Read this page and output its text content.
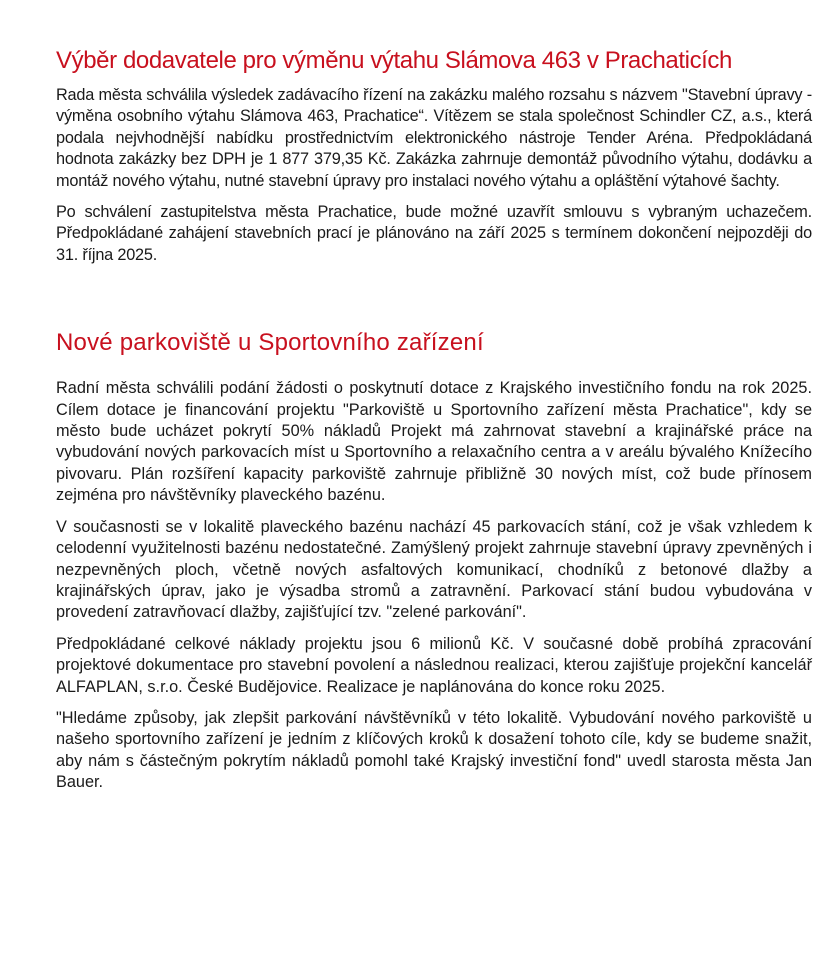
Výběr dodavatele pro výměnu výtahu Slámova 463 v Prachaticích

Rada města schválila výsledek zadávacího řízení na zakázku malého rozsahu s názvem "Stavební úpravy - výměna osobního výtahu Slámova 463, Prachatice“. Vítězem se stala společnost Schindler CZ, a.s., která podala nejvhodnější nabídku prostřednictvím elektronického nástroje Tender Aréna. Předpokládaná hodnota zakázky bez DPH je 1 877 379,35 Kč. Zakázka zahrnuje demontáž původního výtahu, dodávku a montáž nového výtahu, nutné stavební úpravy pro instalaci nového výtahu a opláštění výtahové šachty.

Po schválení zastupitelstva města Prachatice, bude možné uzavřít smlouvu s vybraným uchazečem. Předpokládané zahájení stavebních prací je plánováno na září 2025 s termínem dokončení nejpozději do 31. října 2025.

Nové parkoviště u Sportovního zařízení

Radní města schválili podání žádosti o poskytnutí dotace z Krajského investičního fondu na rok 2025. Cílem dotace je financování projektu "Parkoviště u Sportovního zařízení města Prachatice", kdy se město bude ucházet pokrytí 50% nákladů Projekt má zahrnovat stavební a krajinářské práce na vybudování nových parkovacích míst u Sportovního a relaxačního centra a v areálu bývalého Knížecího pivovaru. Plán rozšíření kapacity parkoviště zahrnuje přibližně 30 nových míst, což bude přínosem zejména pro návštěvníky plaveckého bazénu.

V současnosti se v lokalitě plaveckého bazénu nachází 45 parkovacích stání, což je však vzhledem k celodenní využitelnosti bazénu nedostatečné. Zamýšlený projekt zahrnuje stavební úpravy zpevněných i nezpevněných ploch, včetně nových asfaltových komunikací, chodníků z betonové dlažby a krajinářských úprav, jako je výsadba stromů a zatravnění. Parkovací stání budou vybudována v provedení zatravňovací dlažby, zajišťující tzv. "zelené parkování".

Předpokládané celkové náklady projektu jsou 6 milionů Kč. V současné době probíhá zpracování projektové dokumentace pro stavební povolení a následnou realizaci, kterou zajišťuje projekční kancelář ALFAPLAN, s.r.o. České Budějovice. Realizace je naplánována do konce roku 2025.

"Hledáme způsoby, jak zlepšit parkování návštěvníků v této lokalitě. Vybudování nového parkoviště u našeho sportovního zařízení je jedním z klíčových kroků k dosažení tohoto cíle, kdy se budeme snažit, aby nám s částečným pokrytím nákladů pomohl také Krajský investiční fond" uvedl starosta města Jan Bauer.
